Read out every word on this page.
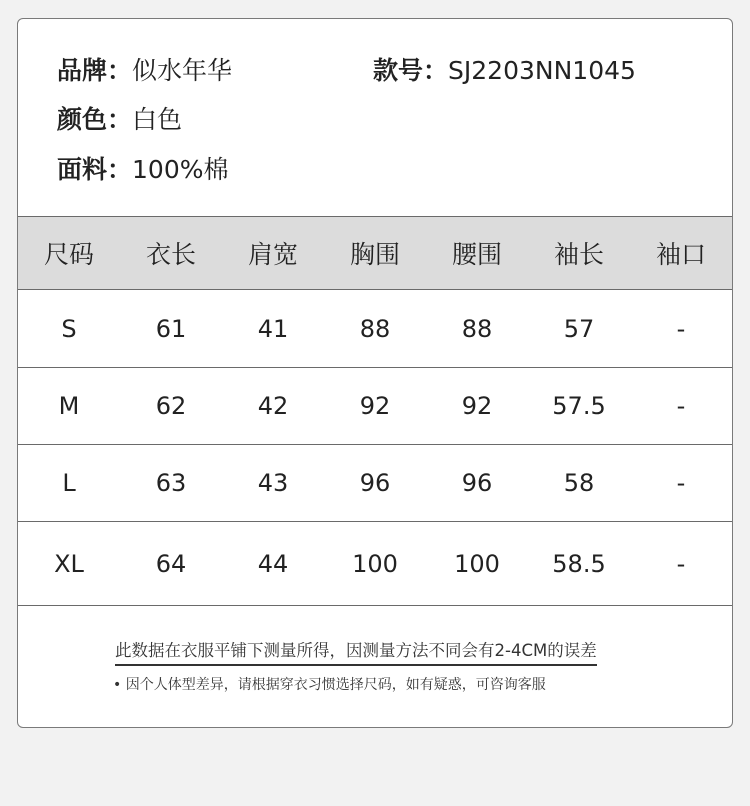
品牌：似水年华	款号：SJ2203NN1045
颜色：白色
面料：100%棉
尺码	衣长	肩宽	胸围	腰围	袖长	袖口
S	61	41	88	88	57	-
M	62	42	92	92	57.5	-
L	63	43	96	96	58	-
XL	64	44	100	100	58.5	-
此数据在衣服平铺下测量所得，因测量方法不同会有2-4CM的误差
• 因个人体型差异，请根据穿衣习惯选择尺码，如有疑惑，可咨询客服
